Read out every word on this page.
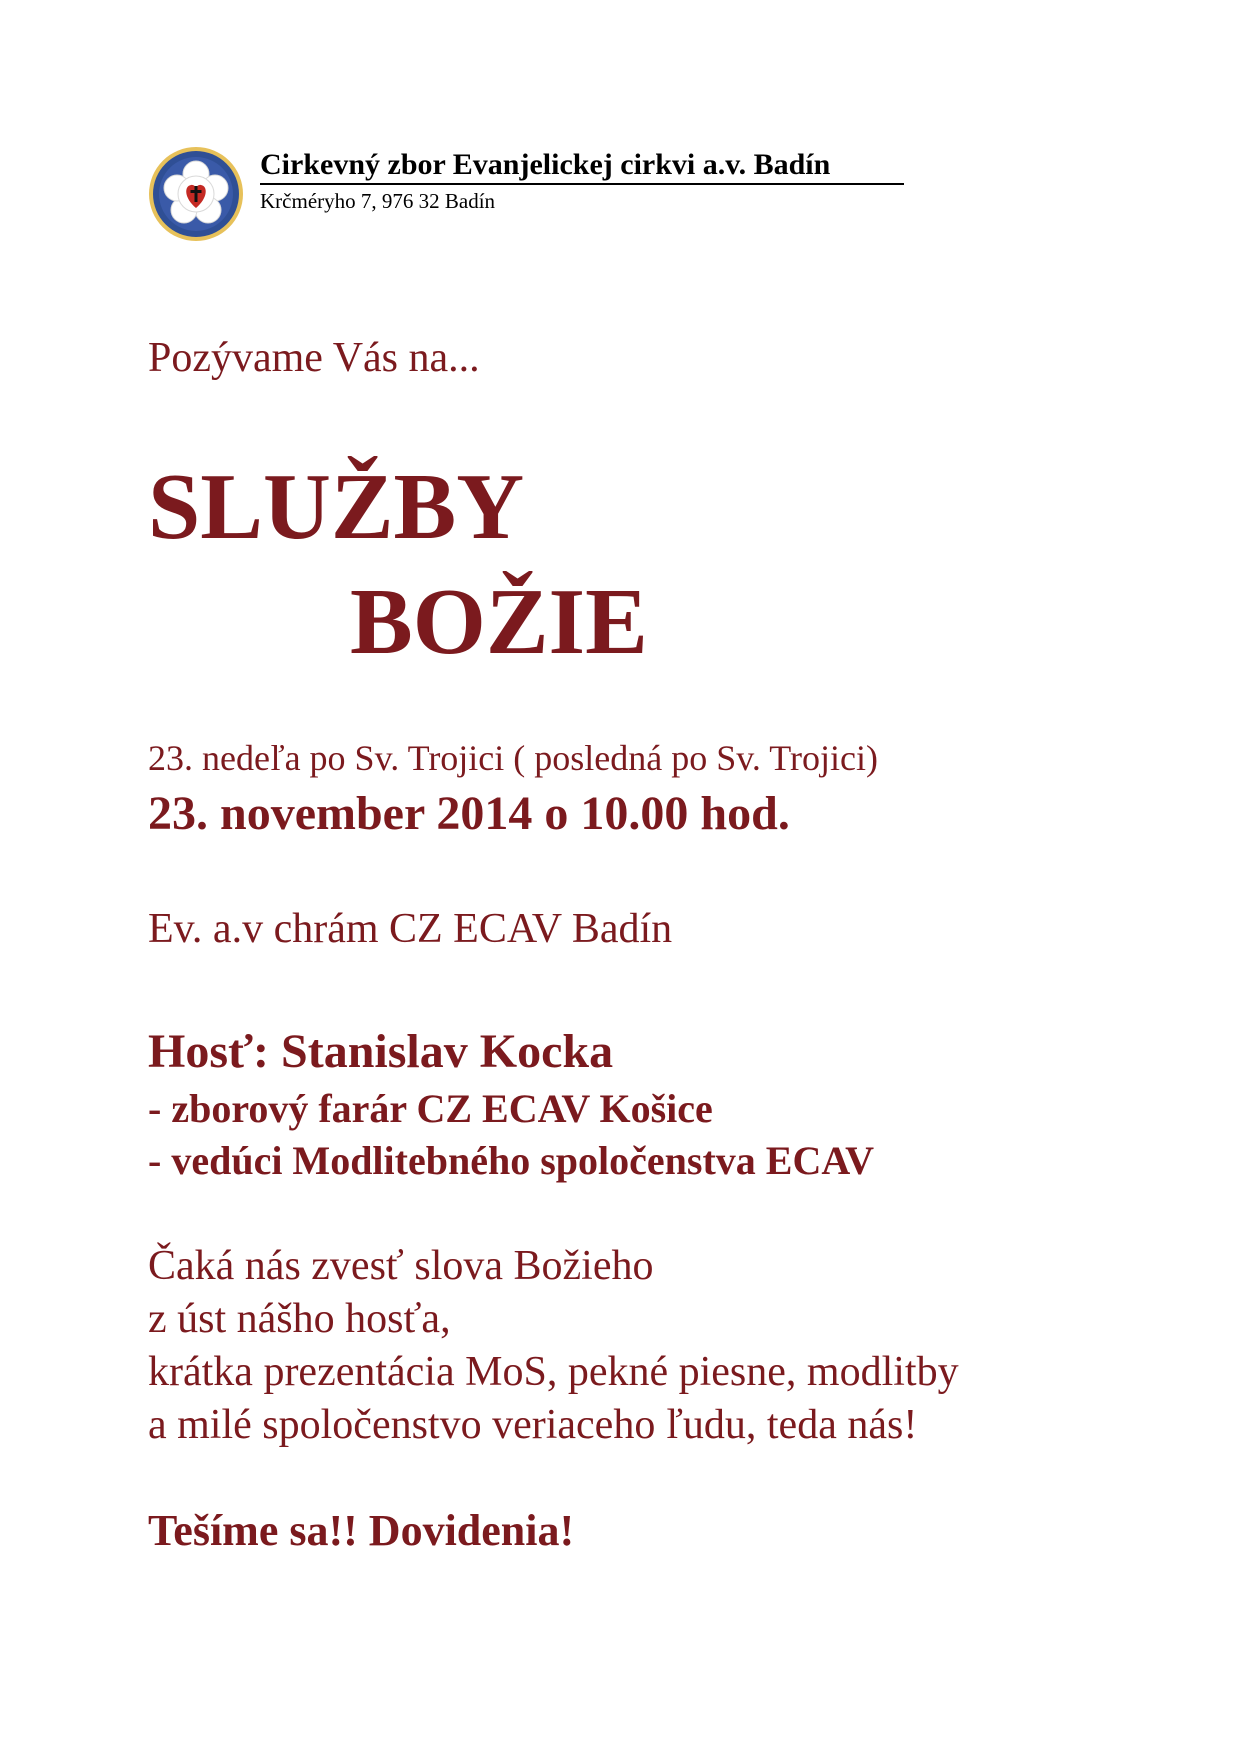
Cirkevný zbor Evanjelickej cirkvi a.v. Badín
Krčméryho 7, 976 32 Badín
Pozývame Vás na...
SLUŽBY
BOŽIE
23. nedeľa po Sv. Trojici ( posledná po Sv. Trojici)
23. november 2014 o 10.00 hod.
Ev. a.v chrám CZ ECAV Badín
Hosť: Stanislav Kocka
- zborový farár CZ ECAV Košice
- vedúci Modlitebného spoločenstva ECAV
Čaká nás zvesť slova Božieho
z úst nášho hosťa,
krátka prezentácia MoS, pekné piesne, modlitby
a milé spoločenstvo veriaceho ľudu, teda nás!
Tešíme sa!! Dovidenia!
